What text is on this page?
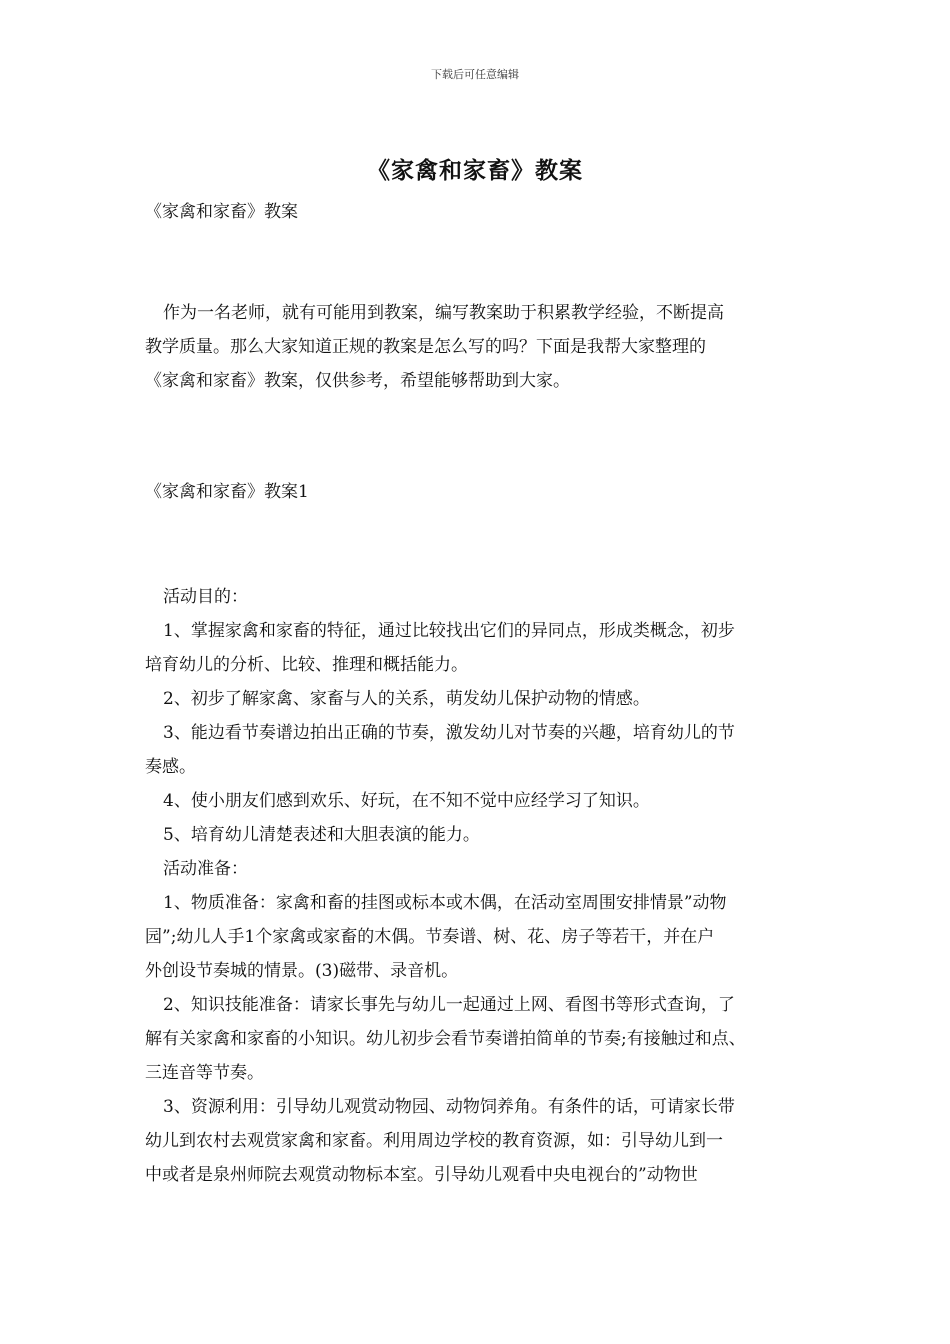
下载后可任意编辑
《家禽和家畜》教案

《家禽和家畜》教案

作为一名老师，就有可能用到教案，编写教案助于积累教学经验，不断提高

教学质量。那么大家知道正规的教案是怎么写的吗？下面是我帮大家整理的

《家禽和家畜》教案，仅供参考，希望能够帮助到大家。

《家禽和家畜》教案1

活动目的：

1、掌握家禽和家畜的特征，通过比较找出它们的异同点，形成类概念，初步

培育幼儿的分析、比较、推理和概括能力。

2、初步了解家禽、家畜与人的关系，萌发幼儿保护动物的情感。

3、能边看节奏谱边拍出正确的节奏，激发幼儿对节奏的兴趣，培育幼儿的节

奏感。

4、使小朋友们感到欢乐、好玩，在不知不觉中应经学习了知识。

5、培育幼儿清楚表述和大胆表演的能力。

活动准备：

1、物质准备：家禽和畜的挂图或标本或木偶，在活动室周围安排情景”动物

园”;幼儿人手1个家禽或家畜的木偶。节奏谱、树、花、房子等若干，并在户

外创设节奏城的情景。(3)磁带、录音机。

2、知识技能准备：请家长事先与幼儿一起通过上网、看图书等形式查询，了

解有关家禽和家畜的小知识。幼儿初步会看节奏谱拍简单的节奏;有接触过和点、

三连音等节奏。

3、资源利用：引导幼儿观赏动物园、动物饲养角。有条件的话，可请家长带

幼儿到农村去观赏家禽和家畜。利用周边学校的教育资源，如：引导幼儿到一

中或者是泉州师院去观赏动物标本室。引导幼儿观看中央电视台的”动物世
